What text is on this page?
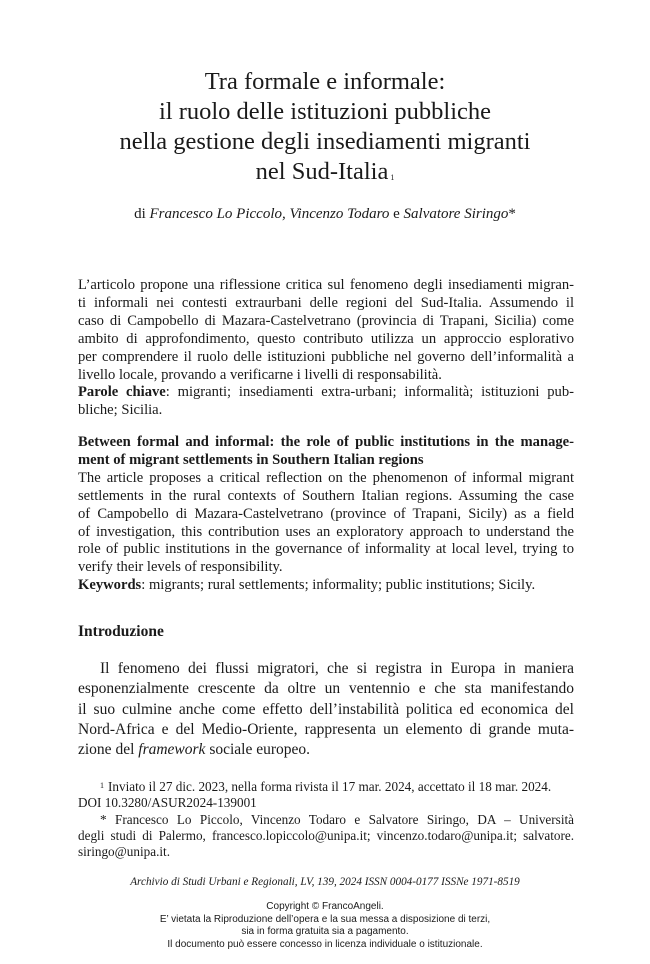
Tra formale e informale:
il ruolo delle istituzioni pubbliche
nella gestione degli insediamenti migranti
nel Sud-Italia $^1$
di Francesco Lo Piccolo, Vincenzo Todaro e Salvatore Siringo*
L’articolo propone una riflessione critica sul fenomeno degli insediamenti migran-
ti informali nei contesti extraurbani delle regioni del Sud-Italia. Assumendo il
caso di Campobello di Mazara-Castelvetrano (provincia di Trapani, Sicilia) come
ambito di approfondimento, questo contributo utilizza un approccio esplorativo
per comprendere il ruolo delle istituzioni pubbliche nel governo dell’informalità a
livello locale, provando a verificarne i livelli di responsabilità.
Parole chiave: migranti; insediamenti extra-urbani; informalità; istituzioni pub-
bliche; Sicilia.
Between formal and informal: the role of public institutions in the manage-
ment of migrant settlements in Southern Italian regions
The article proposes a critical reflection on the phenomenon of informal migrant
settlements in the rural contexts of Southern Italian regions. Assuming the case
of Campobello di Mazara-Castelvetrano (province of Trapani, Sicily) as a field
of investigation, this contribution uses an exploratory approach to understand the
role of public institutions in the governance of informality at local level, trying to
verify their levels of responsibility.
Keywords: migrants; rural settlements; informality; public institutions; Sicily.
Introduzione
Il fenomeno dei flussi migratori, che si registra in Europa in maniera
esponenzialmente crescente da oltre un ventennio e che sta manifestando
il suo culmine anche come effetto dell’instabilità politica ed economica del
Nord-Africa e del Medio-Oriente, rappresenta un elemento di grande muta-
zione del framework sociale europeo.
$^1$ Inviato il 27 dic. 2023, nella forma rivista il 17 mar. 2024, accettato il 18 mar. 2024.
DOI 10.3280/ASUR2024-139001
* Francesco Lo Piccolo, Vincenzo Todaro e Salvatore Siringo, DA – Università
degli studi di Palermo, francesco.lopiccolo@unipa.it; vincenzo.todaro@unipa.it; salvatore.
siringo@unipa.it.
Archivio di Studi Urbani e Regionali, LV, 139, 2024 ISSN 0004-0177 ISSNe 1971-8519
Copyright © FrancoAngeli.
E’ vietata la Riproduzione dell’opera e la sua messa a disposizione di terzi,
sia in forma gratuita sia a pagamento.
Il documento può essere concesso in licenza individuale o istituzionale.
